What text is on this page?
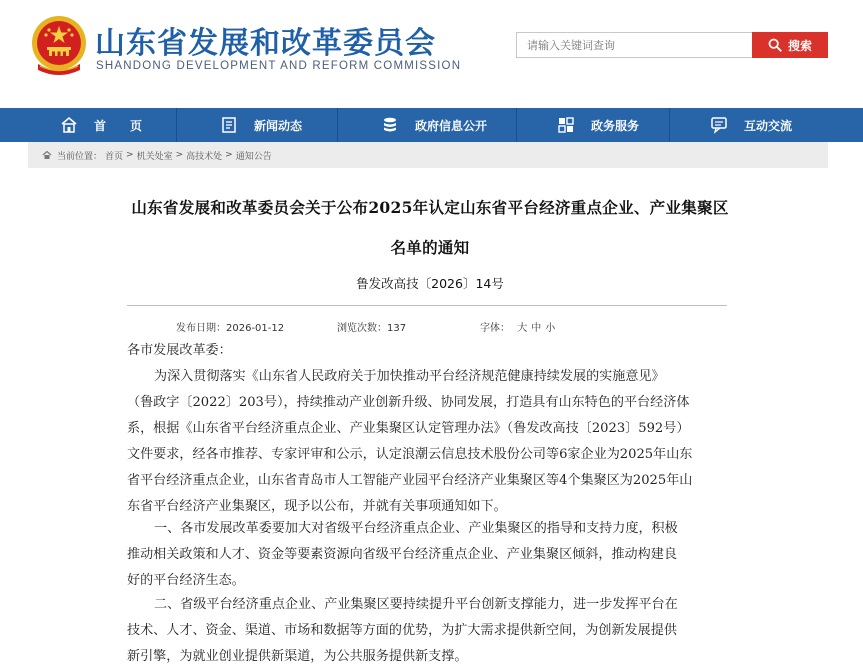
山东省发展和改革委员会
SHANDONG DEVELOPMENT AND REFORM COMMISSION
请输入关键词查询
搜索
首　　页	新闻动态	政府信息公开	政务服务	互动交流
当前位置： 首页 > 机关处室 > 高技术处 > 通知公告
山东省发展和改革委员会关于公布2025年认定山东省平台经济重点企业、产业集聚区
名单的通知
鲁发改高技〔2026〕14号
发布日期：2026-01-12	浏览次数：137	字体： 大 中 小
各市发展改革委：
为深入贯彻落实《山东省人民政府关于加快推动平台经济规范健康持续发展的实施意见》
（鲁政字〔2022〕203号），持续推动产业创新升级、协同发展，打造具有山东特色的平台经济体
系，根据《山东省平台经济重点企业、产业集聚区认定管理办法》（鲁发改高技〔2023〕592号）
文件要求，经各市推荐、专家评审和公示，认定浪潮云信息技术股份公司等6家企业为2025年山东
省平台经济重点企业，山东省青岛市人工智能产业园平台经济产业集聚区等4个集聚区为2025年山
东省平台经济产业集聚区，现予以公布，并就有关事项通知如下。
一、各市发展改革委要加大对省级平台经济重点企业、产业集聚区的指导和支持力度，积极
推动相关政策和人才、资金等要素资源向省级平台经济重点企业、产业集聚区倾斜，推动构建良
好的平台经济生态。
二、省级平台经济重点企业、产业集聚区要持续提升平台创新支撑能力，进一步发挥平台在
技术、人才、资金、渠道、市场和数据等方面的优势，为扩大需求提供新空间，为创新发展提供
新引擎，为就业创业提供新渠道，为公共服务提供新支撑。
